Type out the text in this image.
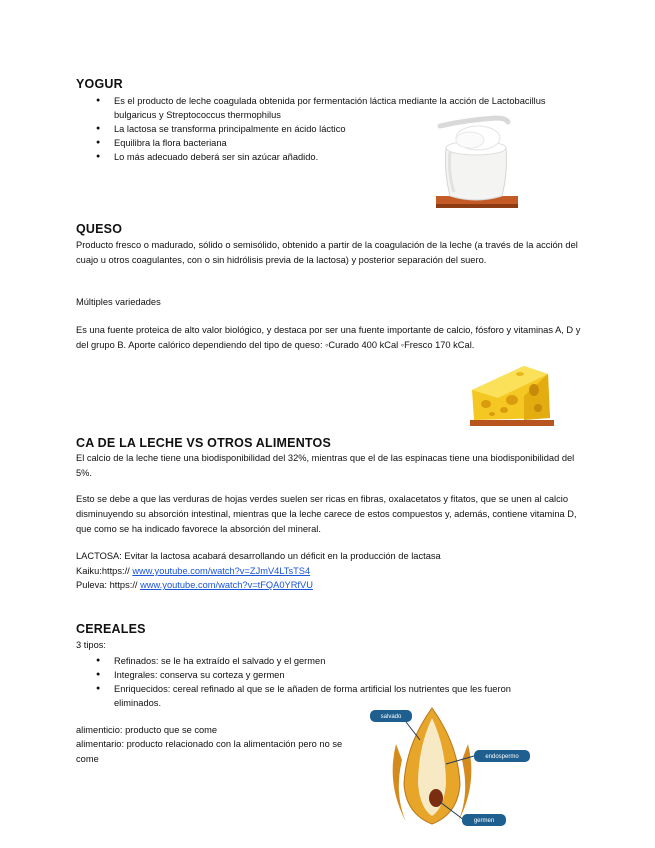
YOGUR
● Es el producto de leche coagulada obtenida por fermentación láctica mediante la acción de Lactobacillus bulgaricus y Streptococcus thermophilus
● La lactosa se transforma principalmente en ácido láctico
● Equilibra la flora bacteriana
● Lo más adecuado deberá ser sin azúcar añadido.
QUESO
Producto fresco o madurado, sólido o semisólido, obtenido a partir de la coagulación de la leche (a través de la acción del cuajo u otros coagulantes, con o sin hidrólisis previa de la lactosa) y posterior separación del suero.
Múltiples variedades
Es una fuente proteica de alto valor biológico, y destaca por ser una fuente importante de calcio, fósforo y vitaminas A, D y del grupo B. Aporte calórico dependiendo del tipo de queso: ◦Curado 400 kCal ◦Fresco 170 kCal.
CA DE LA LECHE VS OTROS ALIMENTOS
El calcio de la leche tiene una biodisponibilidad del 32%, mientras que el de las espinacas tiene una biodisponibilidad del 5%.
Esto se debe a que las verduras de hojas verdes suelen ser ricas en fibras, oxalacetatos y fitatos, que se unen al calcio disminuyendo su absorción intestinal, mientras que la leche carece de estos compuestos y, además, contiene vitamina D, que como se ha indicado favorece la absorción del mineral.
LACTOSA: Evitar la lactosa acabará desarrollando un déficit en la producción de lactasa
Kaiku:https:// www.youtube.com/watch?v=ZJmV4LTsTS4
Puleva: https:// www.youtube.com/watch?v=tFQA0YRfVU
CEREALES
3 tipos:
● Refinados: se le ha extraído el salvado y el germen
● Integrales: conserva su corteza y germen
● Enriquecidos: cereal refinado al que se le añaden de forma artificial los nutrientes que les fueron eliminados.
alimenticio: producto que se come
alimentario: producto relacionado con la alimentación pero no se come
salvado
endospermo
germen
